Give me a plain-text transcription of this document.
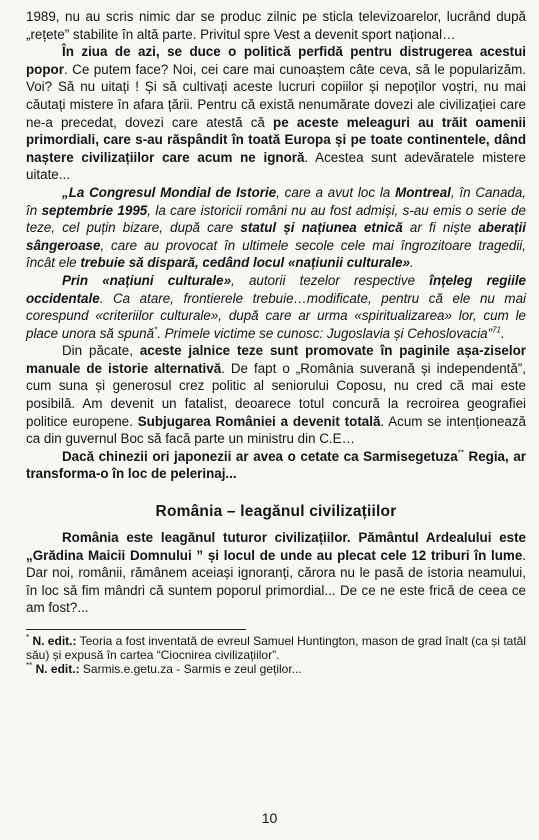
1989, nu au scris nimic dar se produc zilnic pe sticla televizoarelor, lucrând după „rețete” stabilite în altă parte. Privitul spre Vest a devenit sport național…

În ziua de azi, se duce o politică perfidă pentru distrugerea acestui popor. Ce putem face? Noi, cei care mai cunoaștem câte ceva, să le popularizăm. Voi? Să nu uitați ! Și să cultivați aceste lucruri copiilor și nepoților voștri, nu mai căutați mistere în afara țării. Pentru că există nenumărate dovezi ale civilizației care ne-a precedat, dovezi care atestă că pe aceste meleaguri au trăit oamenii primordiali, care s-au răspândit în toată Europa și pe toate continentele, dând naștere civilizațiilor care acum ne ignoră. Acestea sunt adevăratele mistere uitate...

„La Congresul Mondial de Istorie, care a avut loc la Montreal, în Canada, în septembrie 1995, la care istoricii români nu au fost admiși, s-au emis o serie de teze, cel puțin bizare, după care statul și națiunea etnică ar fi niște aberații sângeroase, care au provocat în ultimele secole cele mai îngrozitoare tragedii, încât ele trebuie să dispară, cedând locul «națiunii culturale».

Prin «națiuni culturale», autorii tezelor respective înțeleg regiile occidentale. Ca atare, frontierele trebuie…modificate, pentru că ele nu mai corespund «criteriilor culturale», după care ar urma «spiritualizarea» lor, cum le place unora să spună*. Primele victime se cunosc: Jugoslavia și Cehoslovacia”$^{71}$.

Din păcate, aceste jalnice teze sunt promovate în paginile așa-ziselor manuale de istorie alternativă. De fapt o „România suverană și independentă”, cum suna și generosul crez politic al seniorului Coposu, nu cred că mai este posibilă. Am devenit un fatalist, deoarece totul concură la recroirea geografiei politice europene. Subjugarea României a devenit totală. Acum se intenționează ca din guvernul Boc să facă parte un ministru din C.E…

Dacă chinezii ori japonezii ar avea o cetate ca Sarmisegetuza** Regia, ar transforma-o în loc de pelerinaj...

România – leagănul civilizațiilor

România este leagănul tuturor civilizațiilor. Pământul Ardealului este „Grădina Maicii Domnului ” și locul de unde au plecat cele 12 triburi în lume. Dar noi, românii, rămânem aceiași ignoranți, cărora nu le pasă de istoria neamului, în loc să fim mândri că suntem poporul primordial... De ce ne este frică de ceea ce am fost?...

* N. edit.: Teoria a fost inventată de evreul Samuel Huntington, mason de grad înalt (ca și tatăl său) și expusă în cartea “Ciocnirea civilizațiilor”.

** N. edit.: Sarmis.e.getu.za - Sarmis e zeul geților...

10
